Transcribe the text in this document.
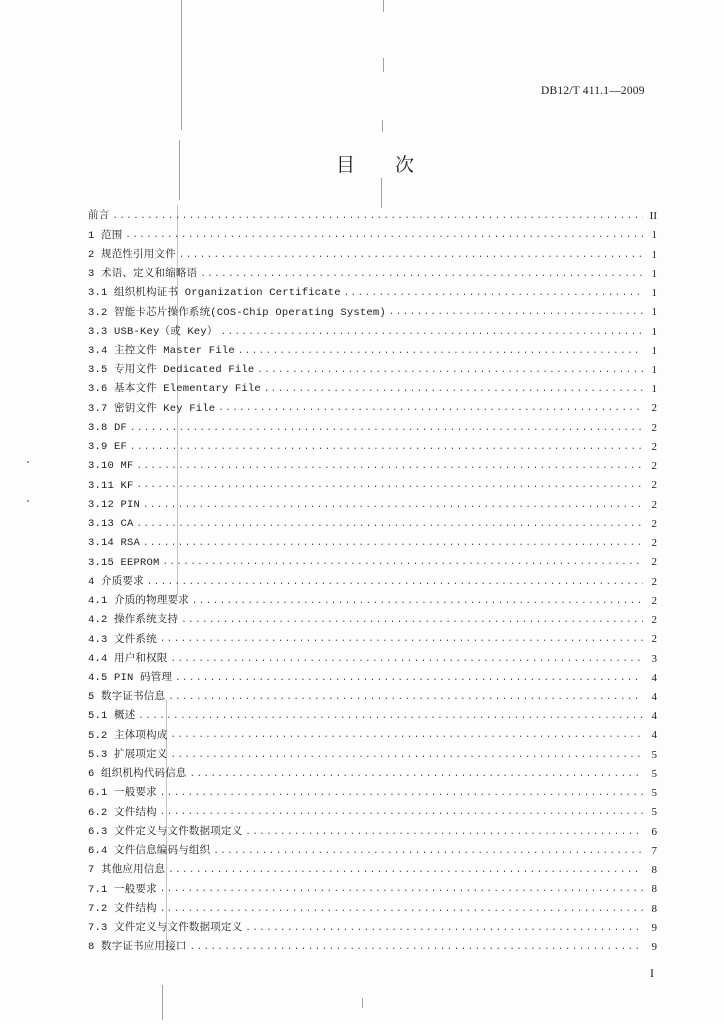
DB12/T 411.1—2009
目 次
前言 .....	II
1 范围 .....	1
2 规范性引用文件 .....	1
3 术语、定义和缩略语 .....	1
3.1 组织机构证书 Organization Certificate .....	1
3.2 智能卡芯片操作系统(COS-Chip Operating System) .....	1
3.3 USB-Key（或 Key） .....	1
3.4 主控文件 Master File .....	1
3.5 专用文件 Dedicated File .....	1
3.6 基本文件 Elementary File .....	1
3.7 密钥文件 Key File .....	2
3.8 DF .....	2
3.9 EF .....	2
3.10 MF .....	2
3.11 KF .....	2
3.12 PIN .....	2
3.13 CA .....	2
3.14 RSA .....	2
3.15 EEPROM .....	2
4 介质要求 .....	2
4.1 介质的物理要求 .....	2
4.2 操作系统支持 .....	2
4.3 文件系统 .....	2
4.4 用户和权限 .....	3
4.5 PIN 码管理 .....	4
5 数字证书信息 .....	4
5.1 概述 .....	4
5.2 主体项构成 .....	4
5.3 扩展项定义 .....	5
6 组织机构代码信息 .....	5
6.1 一般要求 .....	5
6.2 文件结构 .....	5
6.3 文件定义与文件数据项定义 .....	6
6.4 文件信息编码与组织 .....	7
7 其他应用信息 .....	8
7.1 一般要求 .....	8
7.2 文件结构 .....	8
7.3 文件定义与文件数据项定义 .....	9
8 数字证书应用接口 .....	9
I
